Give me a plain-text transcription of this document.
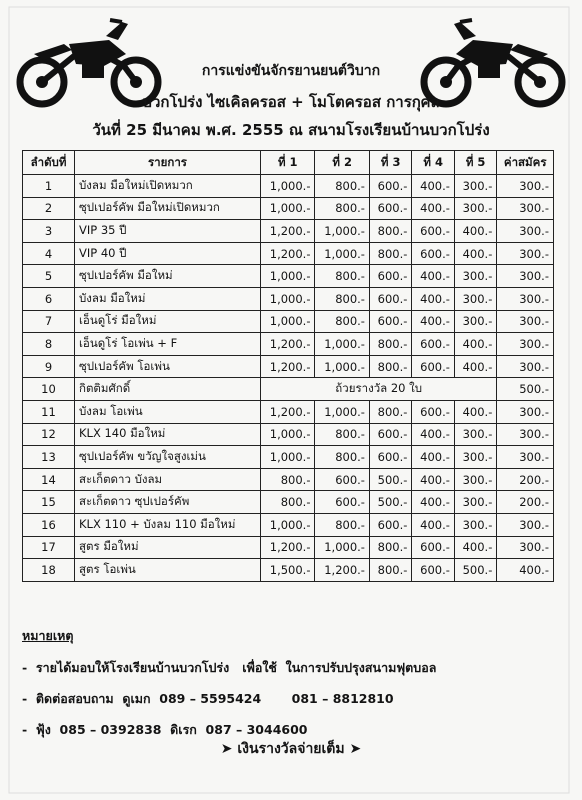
การแข่งขันจักรยานยนต์วิบาก
บวกโปร่ง ไซเคิลครอส + โมโตครอส การกุศล
วันที่ 25 มีนาคม พ.ศ. 2555 ณ สนามโรงเรียนบ้านบวกโปร่ง
ลำดับที่	รายการ	ที่ 1	ที่ 2	ที่ 3	ที่ 4	ที่ 5	ค่าสมัคร
1	บังลม มือใหม่เปิดหมวก	1,000.-	800.-	600.-	400.-	300.-	300.-
2	ซุปเปอร์คัพ มือใหม่เปิดหมวก	1,000.-	800.-	600.-	400.-	300.-	300.-
3	VIP 35 ปี	1,200.-	1,000.-	800.-	600.-	400.-	300.-
4	VIP 40 ปี	1,200.-	1,000.-	800.-	600.-	400.-	300.-
5	ซุปเปอร์คัพ มือใหม่	1,000.-	800.-	600.-	400.-	300.-	300.-
6	บังลม มือใหม่	1,000.-	800.-	600.-	400.-	300.-	300.-
7	เอ็นดูโร่ มือใหม่	1,000.-	800.-	600.-	400.-	300.-	300.-
8	เอ็นดูโร่ โอเพ่น + F	1,200.-	1,000.-	800.-	600.-	400.-	300.-
9	ซุปเปอร์คัพ โอเพ่น	1,200.-	1,000.-	800.-	600.-	400.-	300.-
10	กิตติมศักดิ์	ถ้วยรางวัล 20 ใบ					500.-
11	บังลม โอเพ่น	1,200.-	1,000.-	800.-	600.-	400.-	300.-
12	KLX 140 มือใหม่	1,000.-	800.-	600.-	400.-	300.-	300.-
13	ซุปเปอร์คัพ ขวัญใจสูงเม่น	1,000.-	800.-	600.-	400.-	300.-	300.-
14	สะเก็ตดาว บังลม	800.-	600.-	500.-	400.-	300.-	200.-
15	สะเก็ตดาว ซุปเปอร์คัพ	800.-	600.-	500.-	400.-	300.-	200.-
16	KLX 110 + บังลม 110 มือใหม่	1,000.-	800.-	600.-	400.-	300.-	300.-
17	สูตร มือใหม่	1,200.-	1,000.-	800.-	600.-	400.-	300.-
18	สูตร โอเพ่น	1,500.-	1,200.-	800.-	600.-	500.-	400.-
หมายเหตุ
-  รายได้มอบให้โรงเรียนบ้านบวกโปร่ง   เพื่อใช้  ในการปรับปรุงสนามฟุตบอล
-  ติดต่อสอบถาม  ดูเมก  089 – 5595424       081 – 8812810
-  ฟุ้ง  085 – 0392838  ดิเรก  087 – 3044600
➤ เงินรางวัลจ่ายเต็ม ➤
